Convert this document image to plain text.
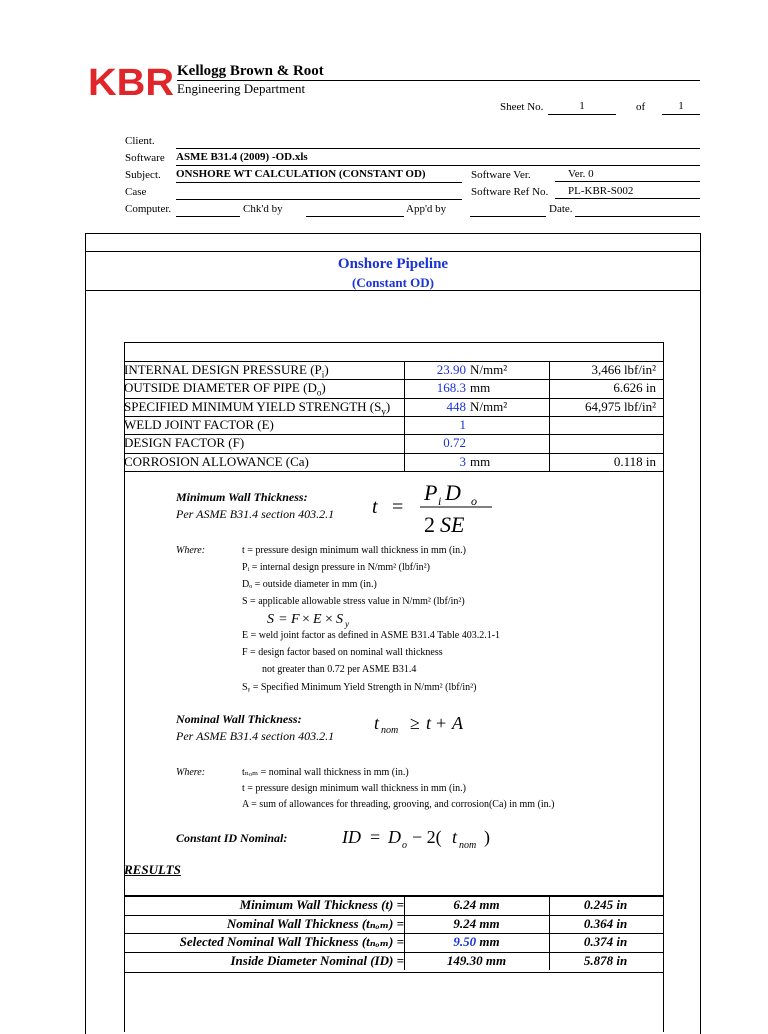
KBR Kellogg Brown & Root
Engineering Department
Sheet No.	1	of	1
Client.
Software ASME B31.4 (2009) -OD.xls
Subject. ONSHORE WT CALCULATION (CONSTANT OD)	Software Ver.	Ver. 0
Case	Software Ref No.	PL-KBR-S002
Computer.	Chk'd by	App'd by	Date.
Onshore Pipeline
(Constant OD)
INTERNAL DESIGN PRESSURE $(P_i)$	23.90 N/mm²	3,466 lbf/in²
OUTSIDE DIAMETER OF PIPE $(D_o)$	168.3 mm	6.626 in
SPECIFIED MINIMUM YIELD STRENGTH $(S_y)$	448 N/mm²	64,975 lbf/in²
WELD JOINT FACTOR (E)	1
DESIGN FACTOR (F)	0.72
CORROSION ALLOWANCE (Ca)	3 mm	0.118 in
Minimum Wall Thickness:
Per ASME B31.4 section 403.2.1 t =
P i D o
2 SE
Where:	t = pressure design minimum wall thickness in mm (in.)
Pᵢ = internal design pressure in N/mm² (lbf/in²)
Dₒ = outside diameter in mm (in.)
S = applicable allowable stress value in N/mm² (lbf/in²)
S = F × E × S y
E = weld joint factor as defined in ASME B31.4 Table 403.2.1-1
F = design factor based on nominal wall thickness
not greater than 0.72 per ASME B31.4
Sᵧ = Specified Minimum Yield Strength in N/mm² (lbf/in²)
Nominal Wall Thickness:
Per ASME B31.4 section 403.2.1
t nom ≥ t + A
Where:	tₙₒₘ = nominal wall thickness in mm (in.)
t = pressure design minimum wall thickness in mm (in.)
A = sum of allowances for threading, grooving, and corrosion(Ca) in mm (in.)
Constant ID Nominal:	ID = D o − 2( t nom )
RESULTS
Minimum Wall Thickness (t) =	6.24 mm	0.245 in
Nominal Wall Thickness (tₙₒₘ) =	9.24 mm	0.364 in
Selected Nominal Wall Thickness (tₙₒₘ) =	9.50 mm	0.374 in
Inside Diameter Nominal (ID) =	149.30 mm	5.878 in
